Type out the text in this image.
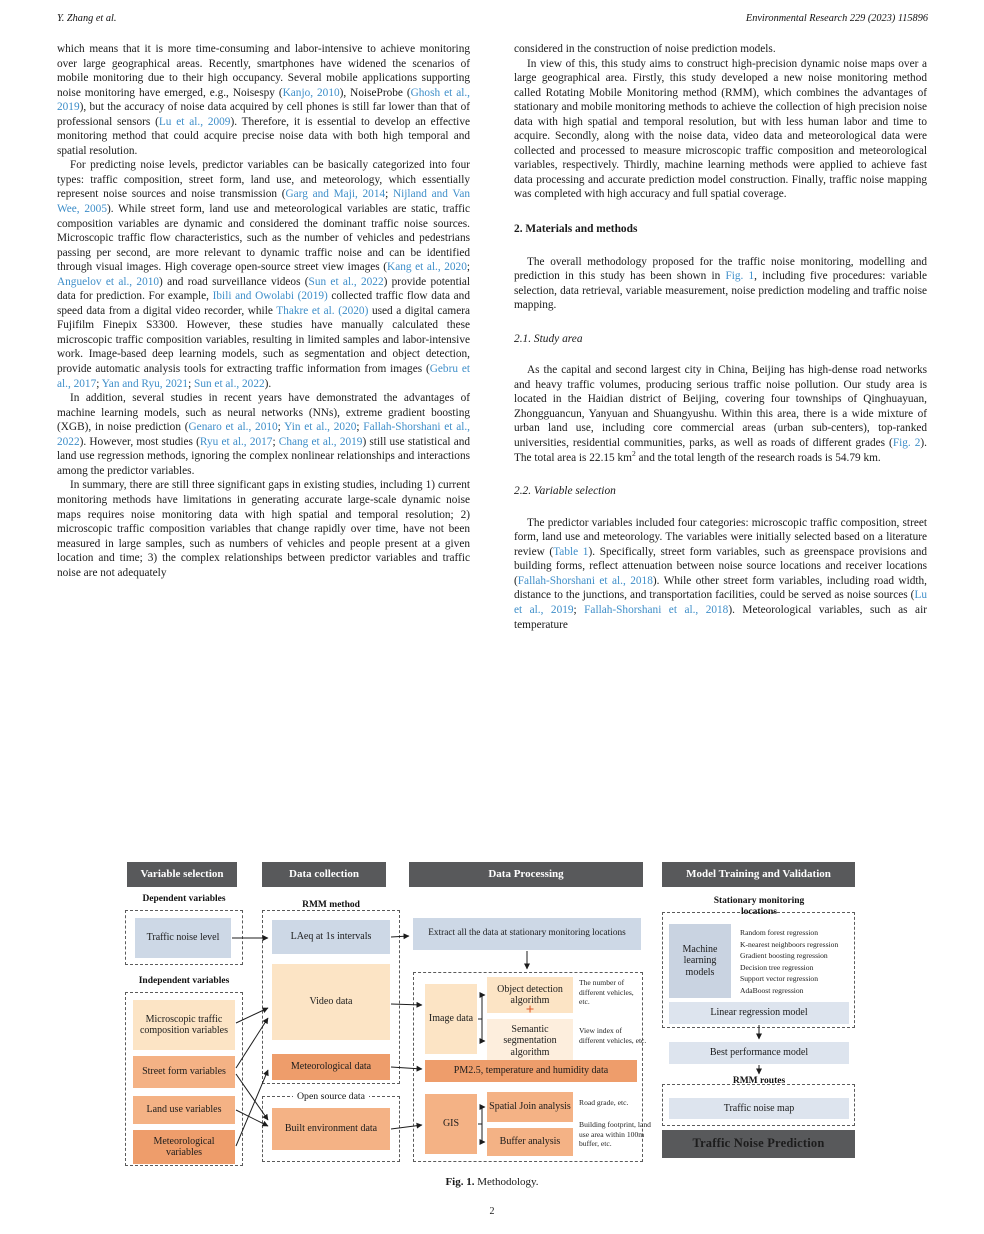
Y. Zhang et al.	Environmental Research 229 (2023) 115896

which means that it is more time-consuming and labor-intensive to achieve monitoring over large geographical areas. Recently, smartphones have widened the scenarios of mobile monitoring due to their high occupancy. Several mobile applications supporting noise monitoring have emerged, e.g., Noisespy (Kanjo, 2010), NoiseProbe (Ghosh et al., 2019), but the accuracy of noise data acquired by cell phones is still far lower than that of professional sensors (Lu et al., 2009). Therefore, it is essential to develop an effective monitoring method that could acquire precise noise data with both high temporal and spatial resolution.

For predicting noise levels, predictor variables can be basically categorized into four types: traffic composition, street form, land use, and meteorology, which essentially represent noise sources and noise transmission (Garg and Maji, 2014; Nijland and Van Wee, 2005). While street form, land use and meteorological variables are static, traffic composition variables are dynamic and considered the dominant traffic noise sources. Microscopic traffic flow characteristics, such as the number of vehicles and pedestrians passing per second, are more relevant to dynamic traffic noise and can be identified through visual images. High coverage open-source street view images (Kang et al., 2020; Anguelov et al., 2010) and road surveillance videos (Sun et al., 2022) provide potential data for prediction. For example, Ibili and Owolabi (2019) collected traffic flow data and speed data from a digital video recorder, while Thakre et al. (2020) used a digital camera Fujifilm Finepix S3300. However, these studies have manually calculated these microscopic traffic composition variables, resulting in limited samples and labor-intensive work. Image-based deep learning models, such as segmentation and object detection, provide automatic analysis tools for extracting traffic information from images (Gebru et al., 2017; Yan and Ryu, 2021; Sun et al., 2022).

In addition, several studies in recent years have demonstrated the advantages of machine learning models, such as neural networks (NNs), extreme gradient boosting (XGB), in noise prediction (Genaro et al., 2010; Yin et al., 2020; Fallah-Shorshani et al., 2022). However, most studies (Ryu et al., 2017; Chang et al., 2019) still use statistical and land use regression methods, ignoring the complex nonlinear relationships and interactions among the predictor variables.

In summary, there are still three significant gaps in existing studies, including 1) current monitoring methods have limitations in generating accurate large-scale dynamic noise maps requires noise monitoring data with high spatial and temporal resolution; 2) microscopic traffic composition variables that change rapidly over time, have not been measured in large samples, such as numbers of vehicles and people present at a given location and time; 3) the complex relationships between predictor variables and traffic noise are not adequately

considered in the construction of noise prediction models.

In view of this, this study aims to construct high-precision dynamic noise maps over a large geographical area. Firstly, this study developed a new noise monitoring method called Rotating Mobile Monitoring method (RMM), which combines the advantages of stationary and mobile monitoring methods to achieve the collection of high precision noise data with high spatial and temporal resolution, but with less human labor and time to acquire. Secondly, along with the noise data, video data and meteorological data were collected and processed to measure microscopic traffic composition and meteorological variables, respectively. Thirdly, machine learning methods were applied to achieve fast data processing and accurate prediction model construction. Finally, traffic noise mapping was completed with high accuracy and full spatial coverage.

2. Materials and methods

The overall methodology proposed for the traffic noise monitoring, modelling and prediction in this study has been shown in Fig. 1, including five procedures: variable selection, data retrieval, variable measurement, noise prediction modeling and traffic noise mapping.

2.1. Study area

As the capital and second largest city in China, Beijing has high-dense road networks and heavy traffic volumes, producing serious traffic noise pollution. Our study area is located in the Haidian district of Beijing, covering four townships of Qinghuayuan, Zhongguancun, Yanyuan and Shuangyushu. Within this area, there is a wide mixture of urban land use, including core commercial areas (urban sub-centers), top-ranked universities, residential communities, parks, as well as roads of different grades (Fig. 2). The total area is 22.15 $km^2$ and the total length of the research roads is 54.79 km.

2.2. Variable selection

The predictor variables included four categories: microscopic traffic composition, street form, land use and meteorology. The variables were initially selected based on a literature review (Table 1). Specifically, street form variables, such as greenspace provisions and building forms, reflect attenuation between noise source locations and receiver locations (Fallah-Shorshani et al., 2018). While other street form variables, including road width, distance to the junctions, and transportation facilities, could be served as noise sources (Lu et al., 2019; Fallah-Shorshani et al., 2018). Meteorological variables, such as air temperature

Variable selection	Data collection	Data Processing	Model Training and Validation
Dependent variables
Independent variables
RMM method
Open source data
Stationary monitoring locations
RMM routes
Traffic noise level
Microscopic traffic composition variables
Street form variables
Land use variables
Meteorological variables
LAeq at 1s intervals
Video data
Meteorological data
Built environment data
Extract all the data at stationary monitoring locations
Image data
Object detection algorithm
Semantic segmentation algorithm
+
PM2.5, temperature and humidity data
GIS
Spatial Join analysis
Buffer analysis
The number of different vehicles, etc.
View index of different vehicles, etc.
Road grade, etc.
Building footprint, land use area within 100m buffer, etc.
Machine learning models
Random forest regression
K-nearest neighboors regression
Gradient boosting regression
Decision tree regression
Support vector regression
AdaBoost regression
Linear regression model
Best performance model
Traffic noise map
Traffic Noise Prediction
Fig. 1. Methodology.
2
